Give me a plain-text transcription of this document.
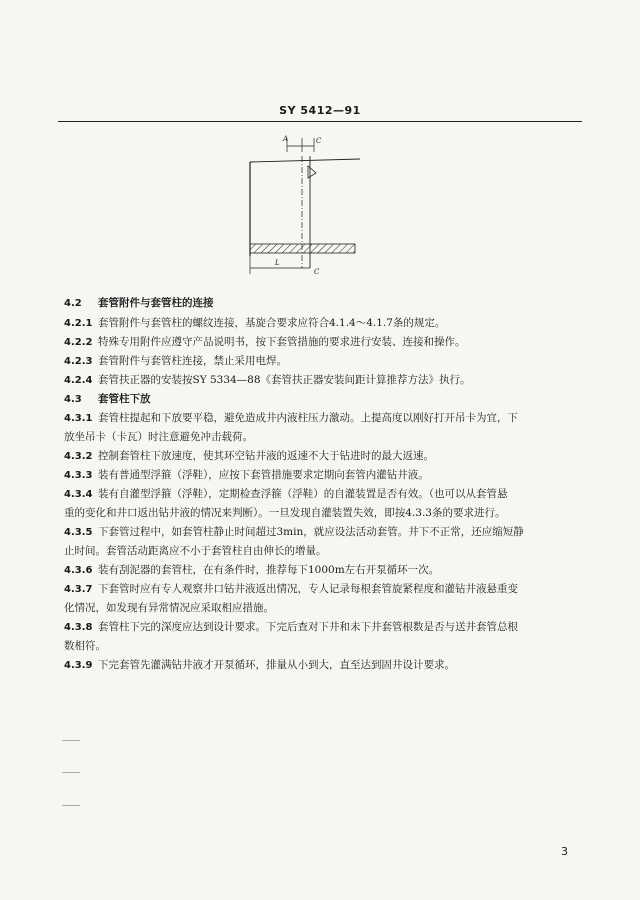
SY 5412—91
A	C
L
C
4.2 套管附件与套管柱的连接
4.2.1 套管附件与套管柱的螺纹连接，基旋合要求应符合4.1.4～4.1.7条的规定。
4.2.2 特殊专用附件应遵守产品说明书，按下套管措施的要求进行安装、连接和操作。
4.2.3 套管附件与套管柱连接，禁止采用电焊。
4.2.4 套管扶正器的安装按SY 5334—88《套管扶正器安装间距计算推荐方法》执行。
4.3 套管柱下放
4.3.1 套管柱提起和下放要平稳，避免造成井内液柱压力激动。上提高度以刚好打开吊卡为宜，下
放坐吊卡（卡瓦）时注意避免冲击载荷。
4.3.2 控制套管柱下放速度，使其环空钻井液的返速不大于钻进时的最大返速。
4.3.3 装有普通型浮箍（浮鞋），应按下套管措施要求定期向套管内灌钻井液。
4.3.4 装有自灌型浮箍（浮鞋），定期检查浮箍（浮鞋）的自灌装置是否有效。（也可以从套管悬
重的变化和井口返出钻井液的情况来判断）。一旦发现自灌装置失效，即按4.3.3条的要求进行。
4.3.5 下套管过程中，如套管柱静止时间超过3min，就应设法活动套管。井下不正常，还应缩短静
止时间。套管活动距离应不小于套管柱自由伸长的增量。
4.3.6 装有刮泥器的套管柱，在有条件时，推荐每下1000m左右开泵循环一次。
4.3.7 下套管时应有专人观察井口钻井液返出情况，专人记录每根套管旋紧程度和灌钻井液悬重变
化情况，如发现有异常情况应采取相应措施。
4.3.8 套管柱下完的深度应达到设计要求。下完后查对下井和未下井套管根数是否与送井套管总根
数相符。
4.3.9 下完套管先灌满钻井液才开泵循环，排量从小到大，直至达到固井设计要求。
3
